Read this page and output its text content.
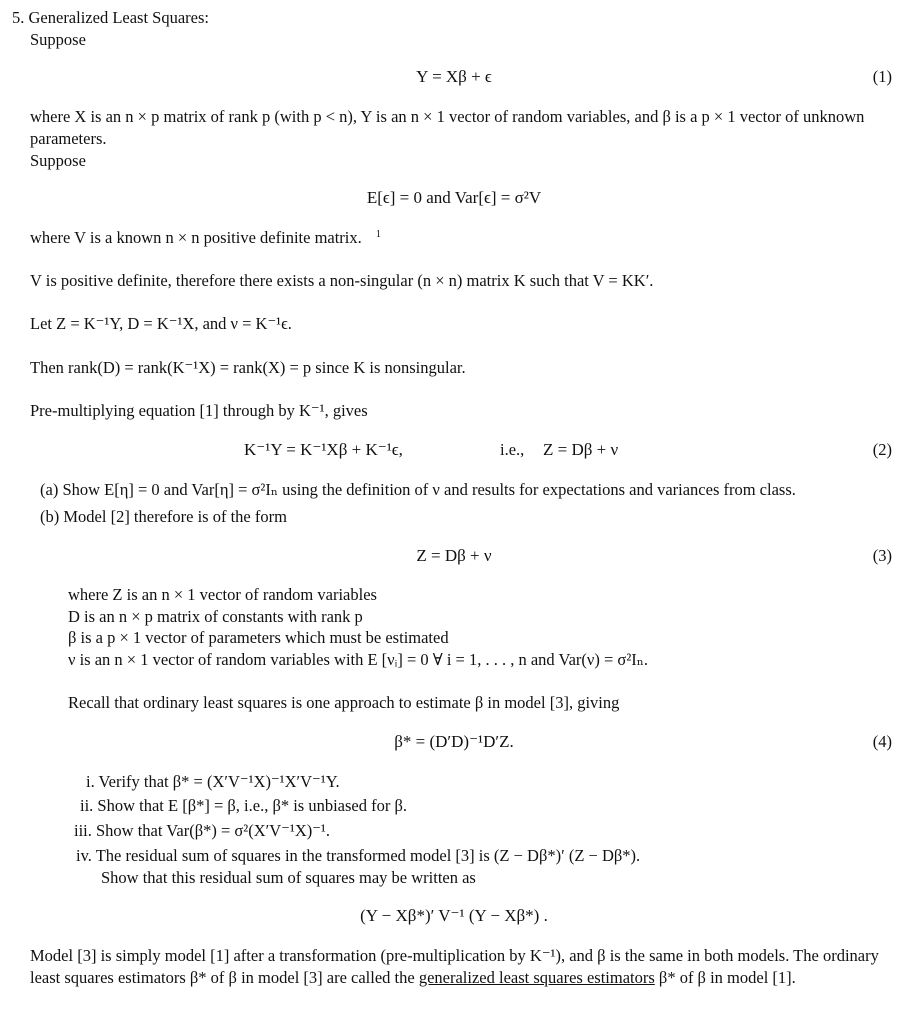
5. Generalized Least Squares:
Suppose
Y = Xβ + ϵ	(1)
where X is an n × p matrix of rank p (with p < n), Y is an n × 1 vector of random variables, and β is a p × 1 vector of unknown parameters.
Suppose
E[ϵ] = 0 and Var[ϵ] = σ²V
where V is a known n × n positive definite matrix. $^1$
V is positive definite, therefore there exists a non-singular (n × n) matrix K such that V = KK′.
Let Z = K⁻¹Y, D = K⁻¹X, and ν = K⁻¹ϵ.
Then rank(D) = rank(K⁻¹X) = rank(X) = p since K is nonsingular.
Pre-multiplying equation [1] through by K⁻¹, gives
K⁻¹Y = K⁻¹Xβ + K⁻¹ϵ,	i.e., Z = Dβ + ν	(2)
(a) Show E[η] = 0 and Var[η] = σ²Iₙ using the definition of ν and results for expectations and variances from class.
(b) Model [2] therefore is of the form
Z = Dβ + ν	(3)
where Z is an n × 1 vector of random variables
D is an n × p matrix of constants with rank p
β is a p × 1 vector of parameters which must be estimated
ν is an n × 1 vector of random variables with E [νᵢ] = 0 ∀ i = 1, . . . , n and Var(ν) = σ²Iₙ.
Recall that ordinary least squares is one approach to estimate β in model [3], giving
β* = (D′D)⁻¹D′Z.	(4)
i. Verify that β* = (X′V⁻¹X)⁻¹X′V⁻¹Y.
ii. Show that E [β*] = β, i.e., β* is unbiased for β.
iii. Show that Var(β*) = σ²(X′V⁻¹X)⁻¹.
iv. The residual sum of squares in the transformed model [3] is (Z − Dβ*)′ (Z − Dβ*).
Show that this residual sum of squares may be written as
(Y − Xβ*)′ V⁻¹ (Y − Xβ*) .
Model [3] is simply model [1] after a transformation (pre-multiplication by K⁻¹), and β is the same in both models. The ordinary least squares estimators β* of β in model [3] are called the generalized least squares estimators β* of β in model [1].
